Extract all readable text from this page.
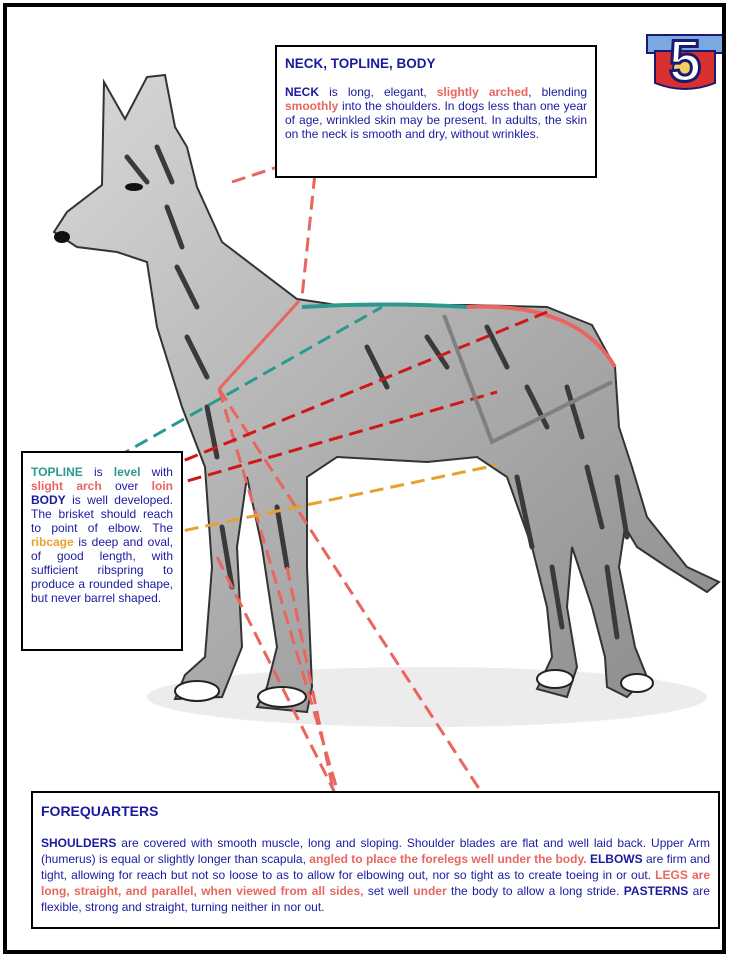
5
NECK, TOPLINE, BODY

NECK is long, elegant, slightly arched, blending smoothly into the shoulders. In dogs less than one year of age, wrinkled skin may be present. In adults, the skin on the neck is smooth and dry, without wrinkles.

TOPLINE is level with slight arch over loin BODY is well developed. The brisket should reach to point of elbow. The ribcage is deep and oval, of good length, with sufficient ribspring to produce a rounded shape, but never barrel shaped.

FOREQUARTERS

SHOULDERS are covered with smooth muscle, long and sloping. Shoulder blades are flat and well laid back. Upper Arm (humerus) is equal or slightly longer than scapula, angled to place the forelegs well under the body. ELBOWS are firm and tight, allowing for reach but not so loose to as to allow for elbowing out, nor so tight as to create toeing in or out. LEGS are long, straight, and parallel, when viewed from all sides, set well under the body to allow a long stride. PASTERNS are flexible, strong and straight, turning neither in nor out.
